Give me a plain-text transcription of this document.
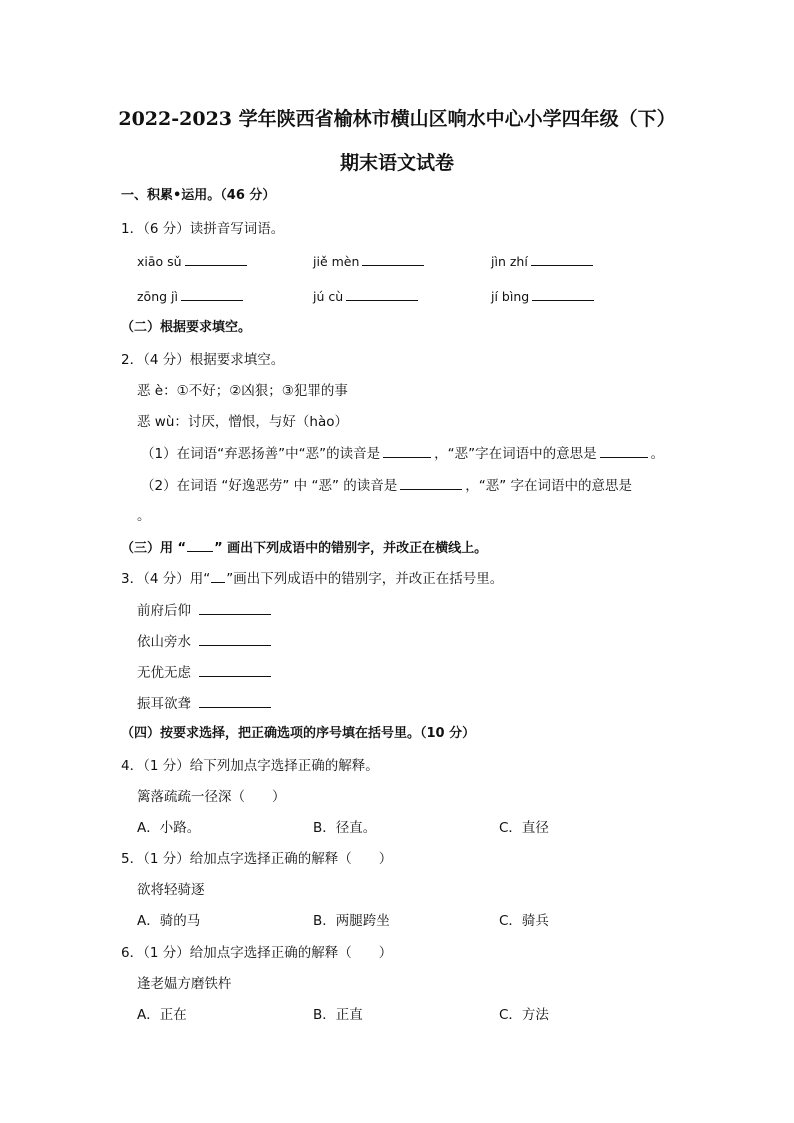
2022-2023 学年陕西省榆林市横山区响水中心小学四年级（下）
期末语文试卷
一、积累•运用。（46 分）
1．（6 分）读拼音写词语。
xiāo sǔ	jiě mèn	jìn zhí
zōng jì	jú cù	jí bìng
（二）根据要求填空。
2．（4 分）根据要求填空。
恶 è：①不好；②凶狠；③犯罪的事
恶 wù：讨厌，憎恨，与好（hào）
（1）在词语“弃恶扬善”中“恶”的读音是	，“恶”字在词语中的意思是	。
（2）在词语 “好逸恶劳” 中 “恶” 的读音是	，“恶” 字在词语中的意思是
。
（三）用 “ ” 画出下列成语中的错别字，并改正在横线上。
3．（4 分）用“ ”画出下列成语中的错别字，并改正在括号里。
前府后仰
依山旁水
无优无虑
振耳欲聋
（四）按要求选择，把正确选项的序号填在括号里。（10 分）
4．（1 分）给下列加点字选择正确的解释。
篱落疏疏一径深（　　）
A．小路。	B．径直。	C．直径
5．（1 分）给加点字选择正确的解释（　　）
欲将轻骑逐
A．骑的马	B．两腿跨坐	C．骑兵
6．（1 分）给加点字选择正确的解释（　　）
逢老媪方磨铁杵
A．正在	B．正直	C．方法
